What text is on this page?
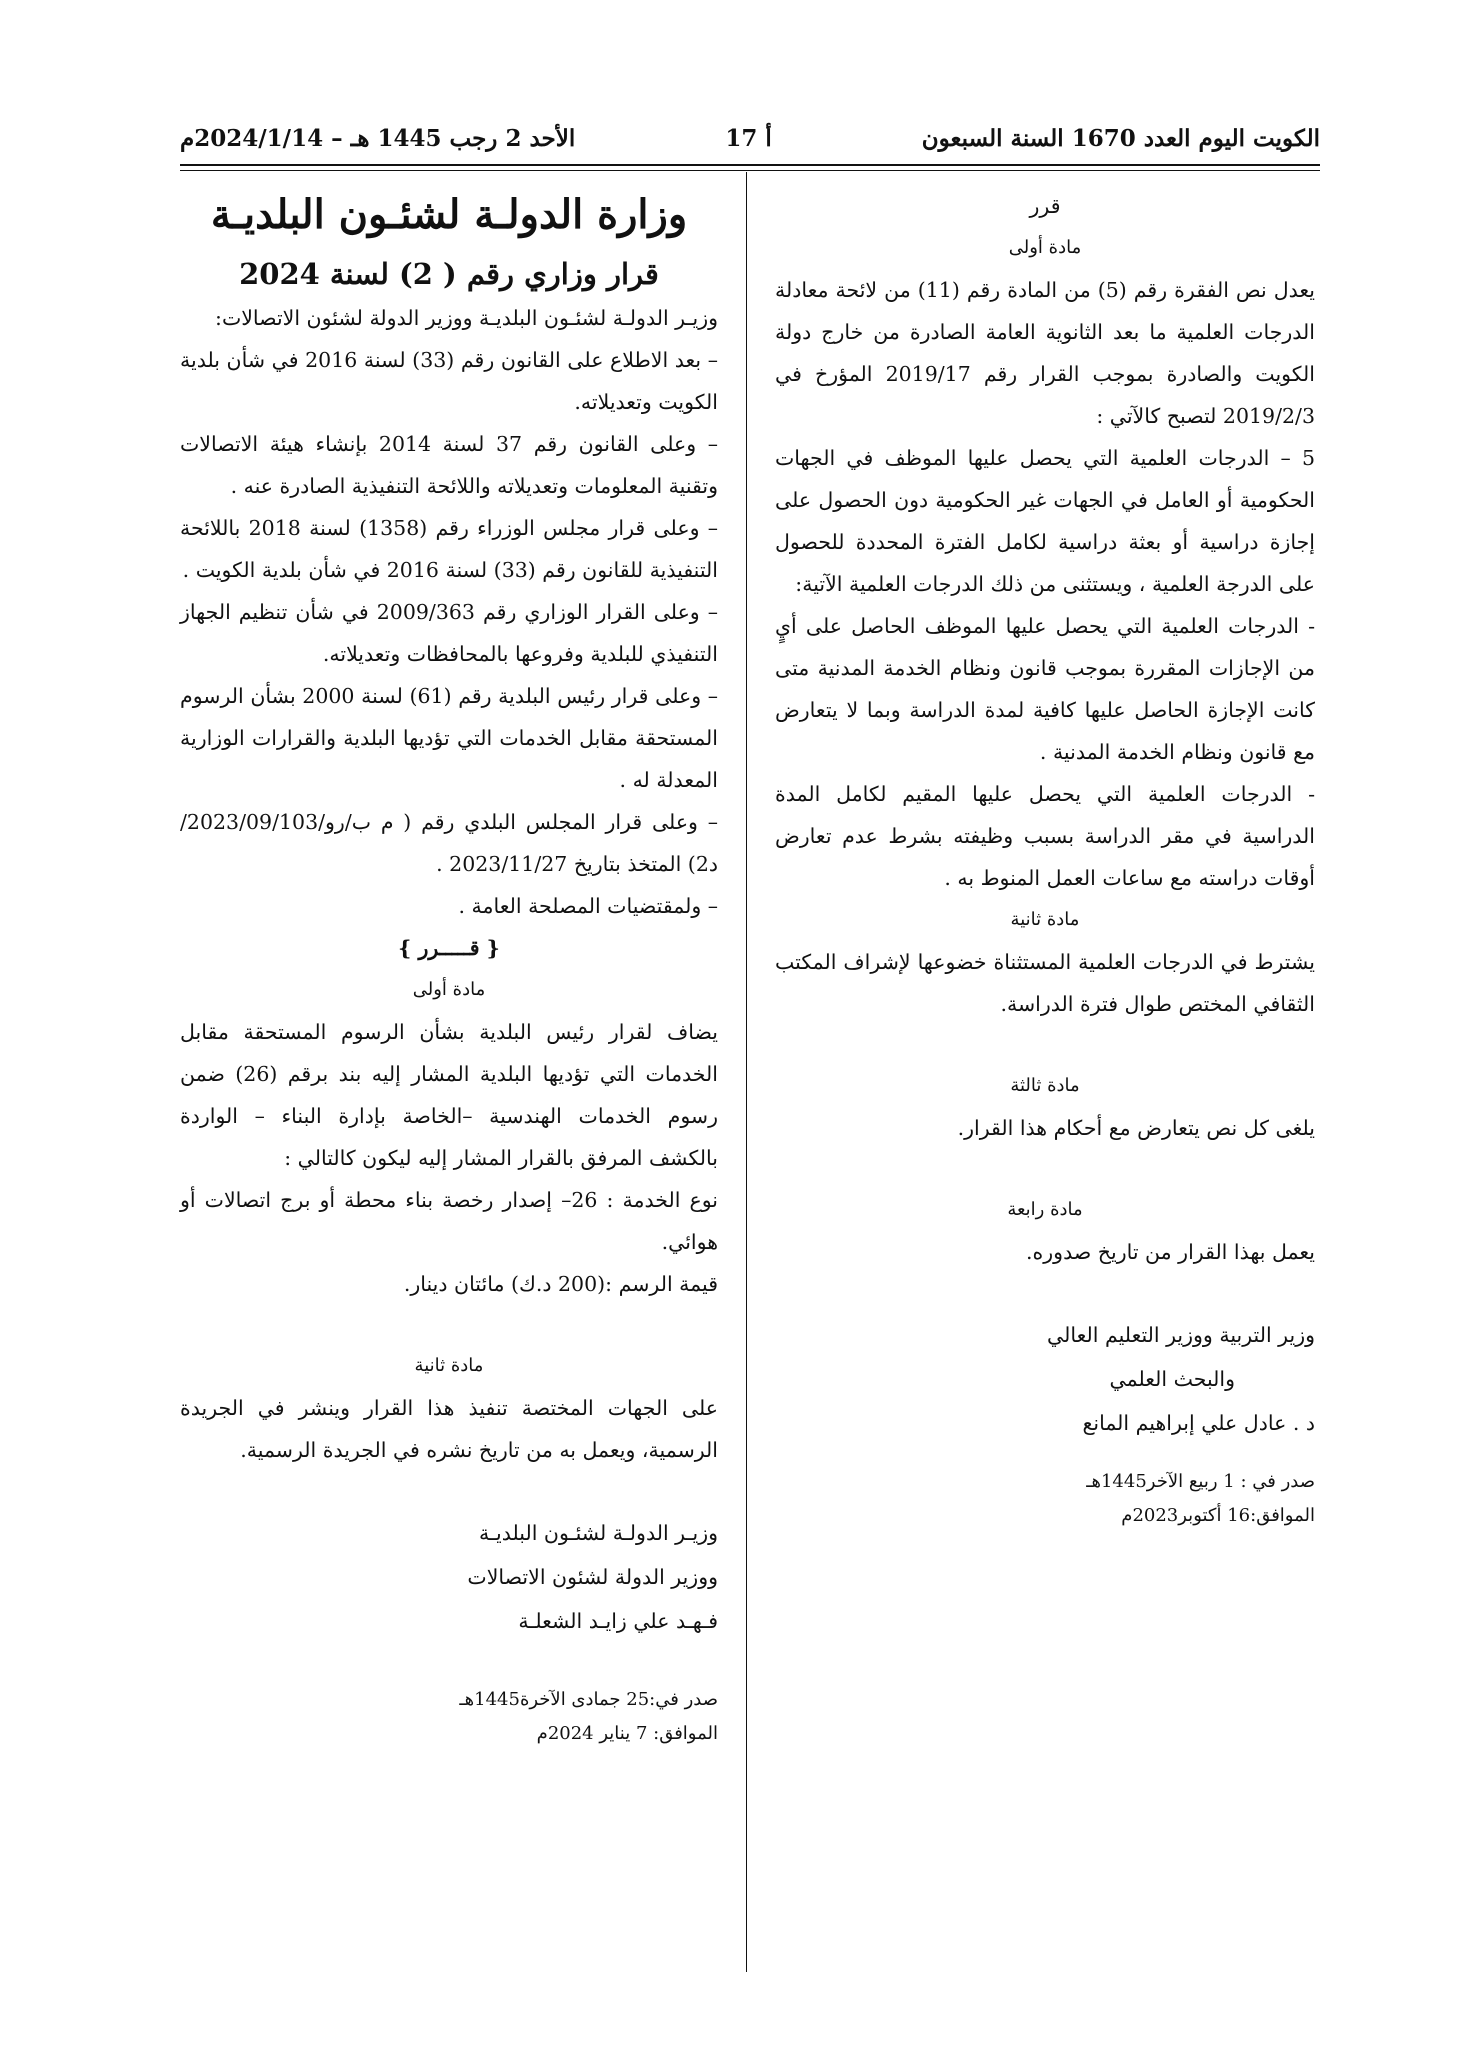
الكويت اليوم العدد 1670 السنة السبعون
أ 17
الأحد 2 رجب 1445 هـ – 2024/1/14م

قرر

مادة أولى

يعدل نص الفقرة رقم (5) من المادة رقم (11) من لائحة معادلة الدرجات العلمية ما بعد الثانوية العامة الصادرة من خارج دولة الكويت والصادرة بموجب القرار رقم 2019/17 المؤرخ في 2019/2/3 لتصبح كالآتي :

5 – الدرجات العلمية التي يحصل عليها الموظف في الجهات الحكومية أو العامل في الجهات غير الحكومية دون الحصول على إجازة دراسية أو بعثة دراسية لكامل الفترة المحددة للحصول على الدرجة العلمية ، ويستثنى من ذلك الدرجات العلمية الآتية:

- الدرجات العلمية التي يحصل عليها الموظف الحاصل على أيٍ من الإجازات المقررة بموجب قانون ونظام الخدمة المدنية متى كانت الإجازة الحاصل عليها كافية لمدة الدراسة وبما لا يتعارض مع قانون ونظام الخدمة المدنية .

- الدرجات العلمية التي يحصل عليها المقيم لكامل المدة الدراسية في مقر الدراسة بسبب وظيفته بشرط عدم تعارض أوقات دراسته مع ساعات العمل المنوط به .

مادة ثانية

يشترط في الدرجات العلمية المستثناة خضوعها لإشراف المكتب الثقافي المختص طوال فترة الدراسة.

مادة ثالثة

يلغى كل نص يتعارض مع أحكام هذا القرار.

مادة رابعة

يعمل بهذا القرار من تاريخ صدوره.

وزير التربية ووزير التعليم العالي

والبحث العلمي

د . عادل علي إبراهيم المانع

صدر في : 1 ربيع الآخر1445هـ

الموافق:16 أكتوبر2023م

وزارة الدولـة لشئـون البلديـة

قرار وزاري رقم ( 2) لسنة 2024

وزيـر الدولـة لشئـون البلديـة ووزير الدولة لشئون الاتصالات:

– بعد الاطلاع على القانون رقم (33) لسنة 2016 في شأن بلدية الكويت وتعديلاته.

– وعلى القانون رقم 37 لسنة 2014 بإنشاء هيئة الاتصالات وتقنية المعلومات وتعديلاته واللائحة التنفيذية الصادرة عنه .

– وعلى قرار مجلس الوزراء رقم (1358) لسنة 2018 باللائحة التنفيذية للقانون رقم (33) لسنة 2016 في شأن بلدية الكويت .

– وعلى القرار الوزاري رقم 2009/363 في شأن تنظيم الجهاز التنفيذي للبلدية وفروعها بالمحافظات وتعديلاته.

– وعلى قرار رئيس البلدية رقم (61) لسنة 2000 بشأن الرسوم المستحقة مقابل الخدمات التي تؤديها البلدية والقرارات الوزارية المعدلة له .

– وعلى قرار المجلس البلدي رقم ( م ب/رو/2023/09/103/ د2) المتخذ بتاريخ 2023/11/27 .

– ولمقتضيات المصلحة العامة .

{ قـــــرر }

مادة أولى

يضاف لقرار رئيس البلدية بشأن الرسوم المستحقة مقابل الخدمات التي تؤديها البلدية المشار إليه بند برقم (26) ضمن رسوم الخدمات الهندسية –الخاصة بإدارة البناء – الواردة بالكشف المرفق بالقرار المشار إليه ليكون كالتالي :

نوع الخدمة : 26– إصدار رخصة بناء محطة أو برج اتصالات أو هوائي.

قيمة الرسم :(200 د.ك) مائتان دينار.

مادة ثانية

على الجهات المختصة تنفيذ هذا القرار وينشر في الجريدة الرسمية، ويعمل به من تاريخ نشره في الجريدة الرسمية.

وزيـر الدولـة لشئـون البلديـة

ووزير الدولة لشئون الاتصالات

فـهـد علي زايـد الشعلـة

صدر في:25 جمادى الآخرة1445هـ

الموافق: 7 يناير 2024م
